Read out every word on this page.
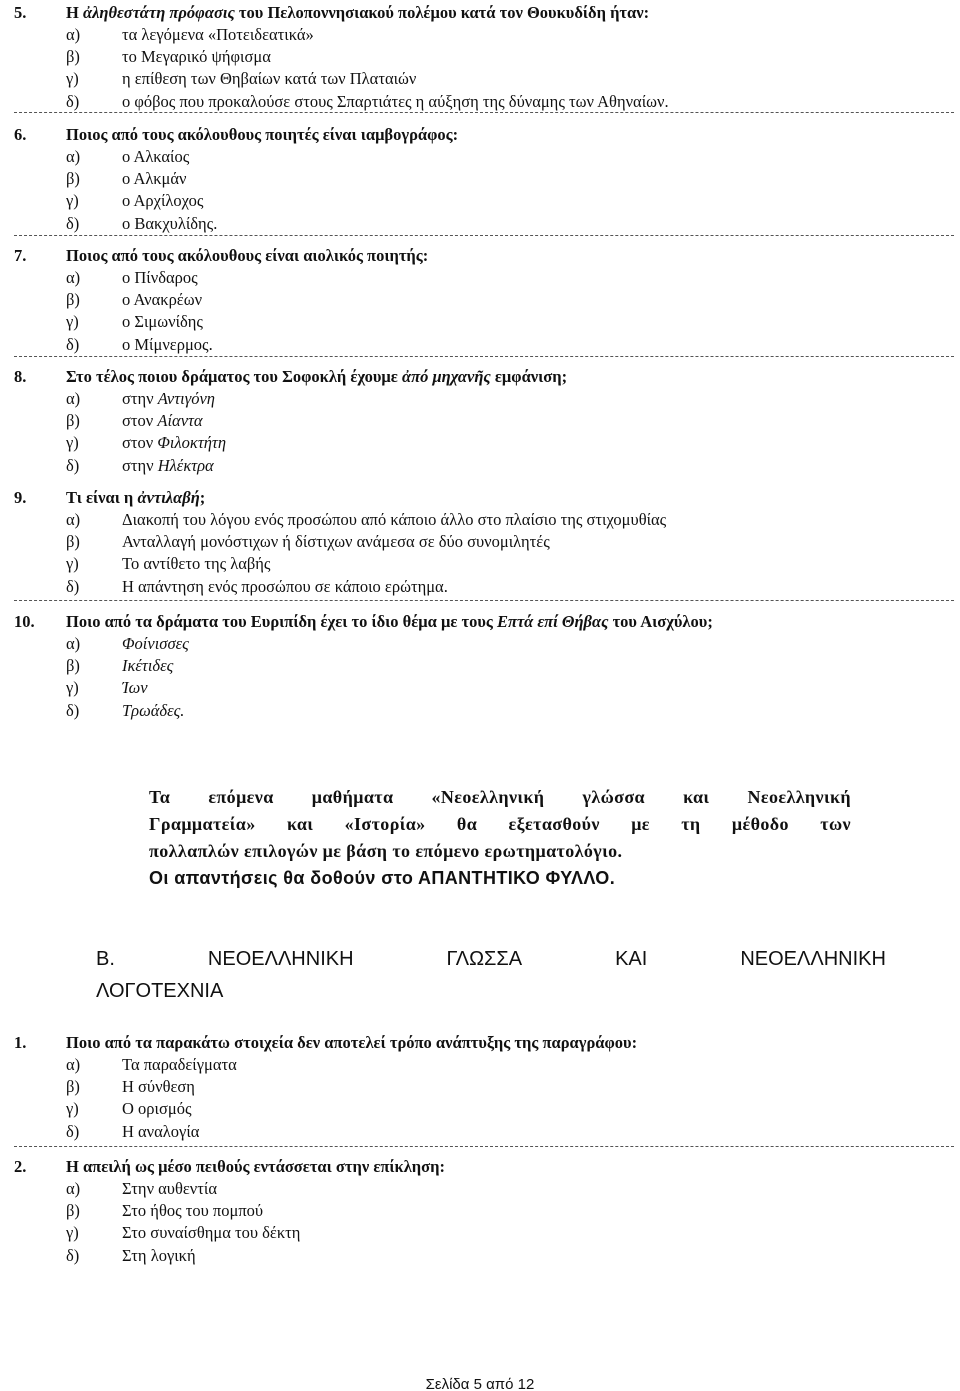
5.	Η ἀληθεστάτη πρόφασις του Πελοποννησιακού πολέμου κατά τον Θουκυδίδη ήταν:
α)	τα λεγόμενα «Ποτειδεατικά»
β)	το Μεγαρικό ψήφισμα
γ)	η επίθεση των Θηβαίων κατά των Πλαταιών
δ)	ο φόβος που προκαλούσε στους Σπαρτιάτες η αύξηση της δύναμης των Αθηναίων.
6.	Ποιος από τους ακόλουθους ποιητές είναι ιαμβογράφος:
α)	ο Αλκαίος
β)	ο Αλκμάν
γ)	ο Αρχίλοχος
δ)	ο Βακχυλίδης.
7.	Ποιος από τους ακόλουθους είναι αιολικός ποιητής:
α)	ο Πίνδαρος
β)	ο Ανακρέων
γ)	ο Σιμωνίδης
δ)	ο Μίμνερμος.
8.	Στο τέλος ποιου δράματος του Σοφοκλή έχουμε ἀπό μηχανῆς εμφάνιση;
α)	στην Αντιγόνη
β)	στον Αίαντα
γ)	στον Φιλοκτήτη
δ)	στην Ηλέκτρα
9.	Τι είναι η ἀντιλαβή;
α)	Διακοπή του λόγου ενός προσώπου από κάποιο άλλο στο πλαίσιο της στιχομυθίας
β)	Ανταλλαγή μονόστιχων ή δίστιχων ανάμεσα σε δύο συνομιλητές
γ)	Το αντίθετο της λαβής
δ)	Η απάντηση ενός προσώπου σε κάποιο ερώτημα.
10.	Ποιο από τα δράματα του Ευριπίδη έχει το ίδιο θέμα με τους Επτά επί Θήβας του Αισχύλου;
α)	Φοίνισσες
β)	Ικέτιδες
γ)	Ίων
δ)	Τρωάδες.
Τα επόμενα μαθήματα «Νεοελληνική γλώσσα και Νεοελληνική
Γραμματεία» και «Ιστορία» θα εξετασθούν με τη μέθοδο των
πολλαπλών επιλογών με βάση το επόμενο ερωτηματολόγιο.
Οι απαντήσεις θα δοθούν στο ΑΠΑΝΤΗΤΙΚΟ ΦΥΛΛΟ.
Β.	ΝΕΟΕΛΛΗΝΙΚΗ	ΓΛΩΣΣΑ	ΚΑΙ	ΝΕΟΕΛΛΗΝΙΚΗ
ΛΟΓΟΤΕΧΝΙΑ
1.	Ποιο από τα παρακάτω στοιχεία δεν αποτελεί τρόπο ανάπτυξης της παραγράφου:
α)	Τα παραδείγματα
β)	Η σύνθεση
γ)	Ο ορισμός
δ)	Η αναλογία
2.	Η απειλή ως μέσο πειθούς εντάσσεται στην επίκληση:
α)	Στην αυθεντία
β)	Στο ήθος του πομπού
γ)	Στο συναίσθημα του δέκτη
δ)	Στη λογική
Σελίδα 5 από 12
